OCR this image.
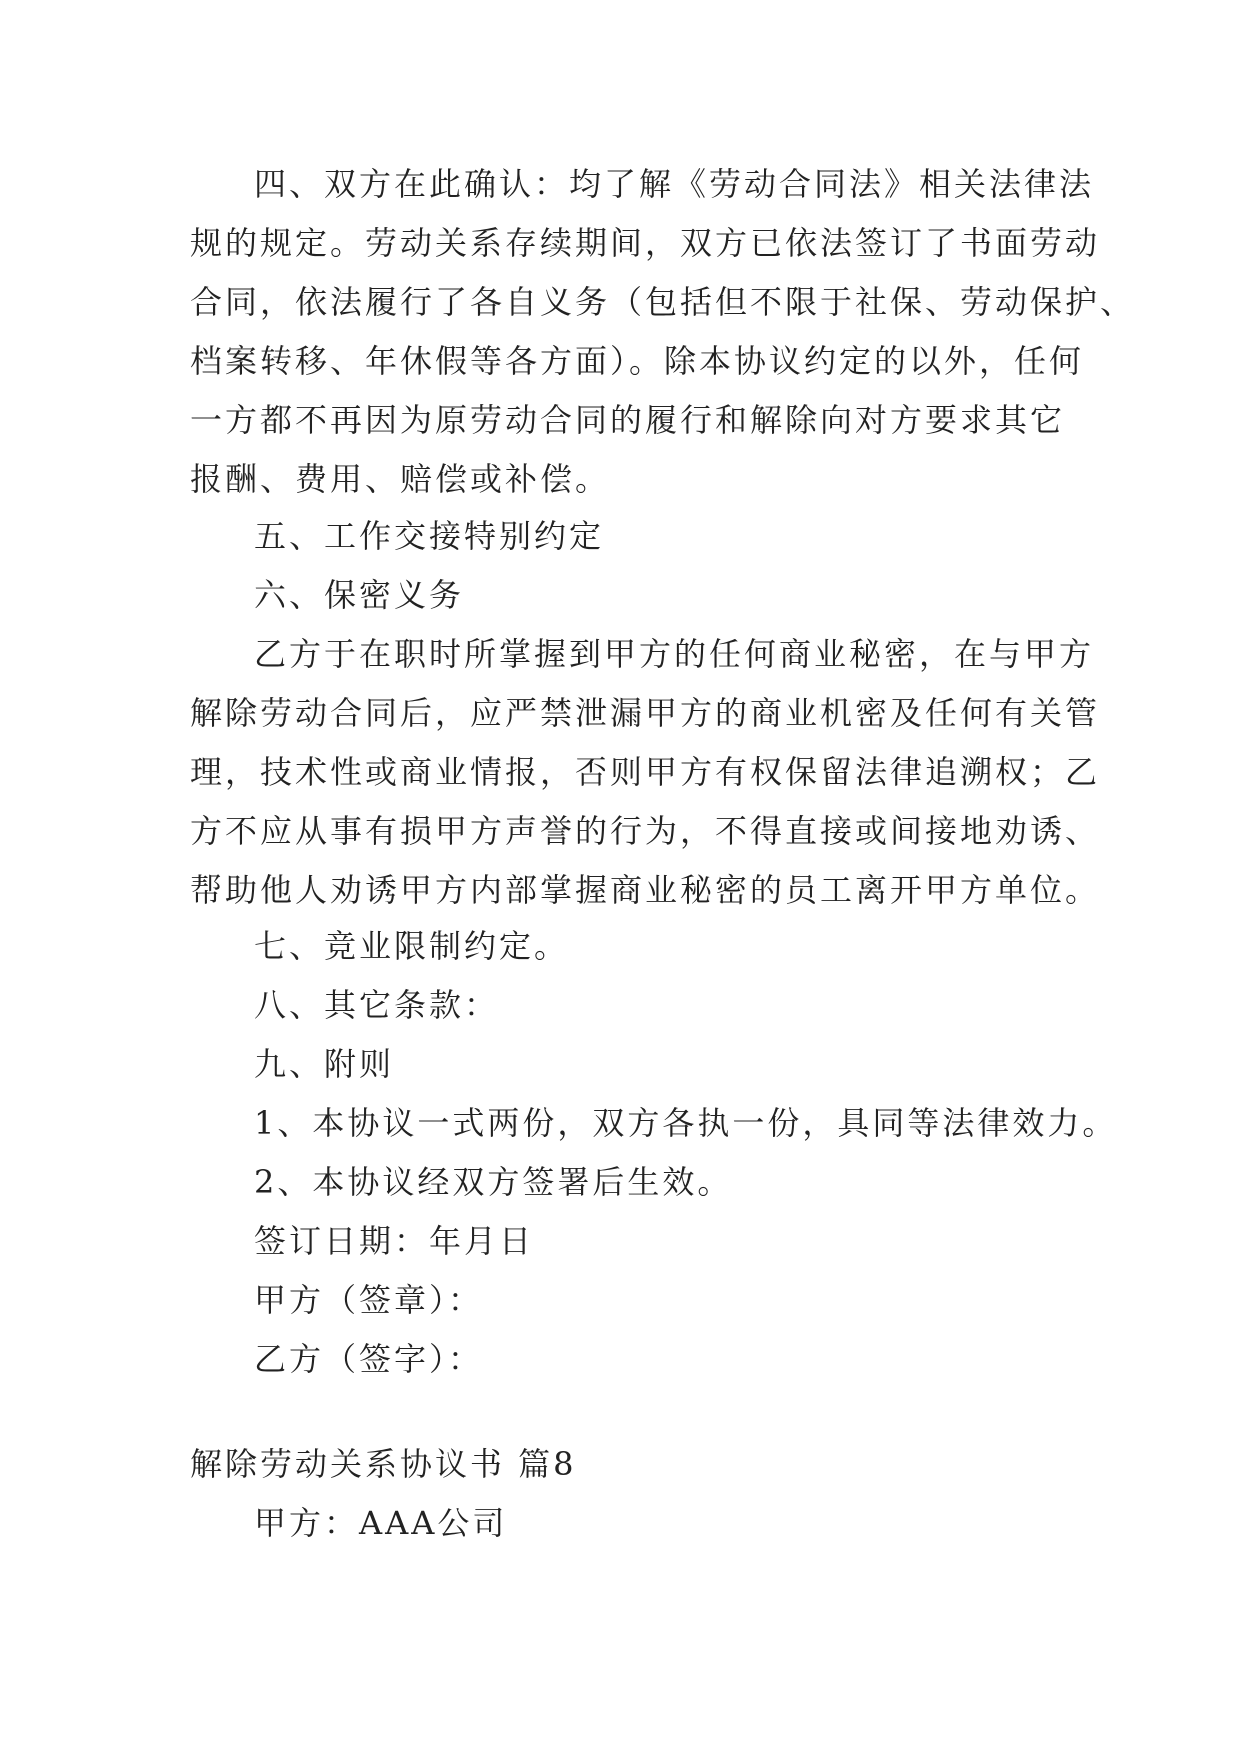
四、双方在此确认：均了解《劳动合同法》相关法律法
规的规定。劳动关系存续期间，双方已依法签订了书面劳动
合同，依法履行了各自义务（包括但不限于社保、劳动保护、
档案转移、年休假等各方面）。除本协议约定的以外，任何
一方都不再因为原劳动合同的履行和解除向对方要求其它
报酬、费用、赔偿或补偿。
五、工作交接特别约定
六、保密义务
乙方于在职时所掌握到甲方的任何商业秘密，在与甲方
解除劳动合同后，应严禁泄漏甲方的商业机密及任何有关管
理，技术性或商业情报，否则甲方有权保留法律追溯权；乙
方不应从事有损甲方声誉的行为，不得直接或间接地劝诱、
帮助他人劝诱甲方内部掌握商业秘密的员工离开甲方单位。
七、竞业限制约定。
八、其它条款：
九、附则
1、本协议一式两份，双方各执一份，具同等法律效力。
2、本协议经双方签署后生效。
签订日期：年月日
甲方（签章）：
乙方（签字）：
解除劳动关系协议书 篇8
甲方：AAA公司
